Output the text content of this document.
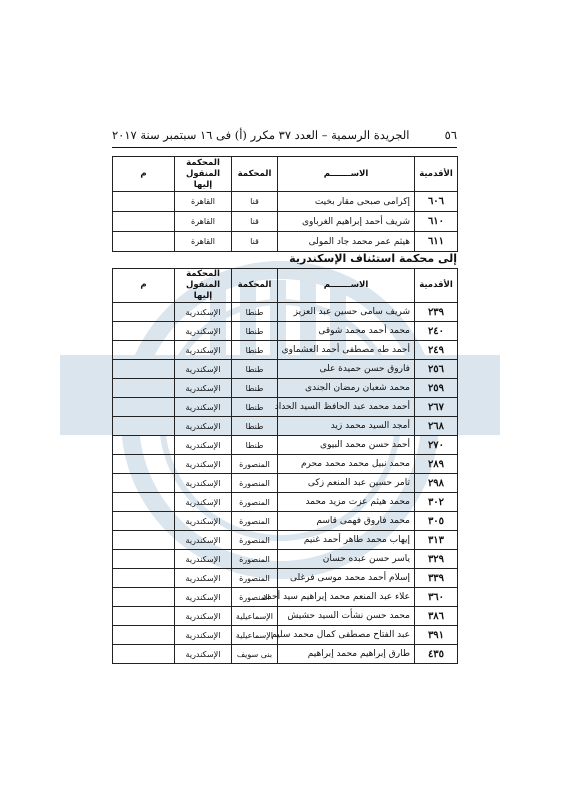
٥٦
الجريدة الرسمية – العدد ٣٧ مكرر (أ) فى ١٦ سبتمبر سنة ٢٠١٧
الأقدمية	الاســـــــم	المحكمة	المحكمة المنقول إليها	م
٦٠٦	إكرامى صبحى مقار بخيت	قنا	القاهرة	
٦١٠	شريف أحمد إبراهيم الغرباوى	قنا	القاهرة	
٦١١	هيثم عمر محمد جاد المولى	قنا	القاهرة	
إلى محكمة استئناف الإسكندرية
الأقدمية	الاســـــــم	المحكمة	المحكمة المنقول إليها	م
٢٣٩	شريف سامى حسين عبد العزيز	طنطا	الإسكندرية	
٢٤٠	محمد أحمد محمد شوقى	طنطا	الإسكندرية	
٢٤٩	أحمد طه مصطفى أحمد العشماوى	طنطا	الإسكندرية	
٢٥٦	فاروق حسن حميدة على	طنطا	الإسكندرية	
٢٥٩	محمد شعبان رمضان الجندى	طنطا	الإسكندرية	
٢٦٧	أحمد محمد عبد الحافظ السيد الحداد	طنطا	الإسكندرية	
٢٦٨	أمجد السيد محمد زيد	طنطا	الإسكندرية	
٢٧٠	أحمد حسن محمد البيوى	طنطا	الإسكندرية	
٢٨٩	محمد نبيل محمد محمد محرم	المنصورة	الإسكندرية	
٢٩٨	تامر حسين عبد المنعم زكى	المنصورة	الإسكندرية	
٣٠٢	محمد هيثم عزت مزيد محمد	المنصورة	الإسكندرية	
٣٠٥	محمد فاروق فهمى قاسم	المنصورة	الإسكندرية	
٣١٣	إيهاب محمد طاهر أحمد غنيم	المنصورة	الإسكندرية	
٣٢٩	ياسر حسن عبده حسان	المنصورة	الإسكندرية	
٣٣٩	إسلام أحمد محمد موسى فرغلى	المنصورة	الإسكندرية	
٣٦٠	علاء عبد المنعم محمد إبراهيم سيد أحمد	المنصورة	الإسكندرية	
٣٨٦	محمد حسن نشأت السيد حشيش	الإسماعيلية	الإسكندرية	
٣٩١	عبد الفتاح مصطفى كمال محمد سليم	الإسماعيلية	الإسكندرية	
٤٣٥	طارق إبراهيم محمد إبراهيم	بنى سويف	الإسكندرية	
